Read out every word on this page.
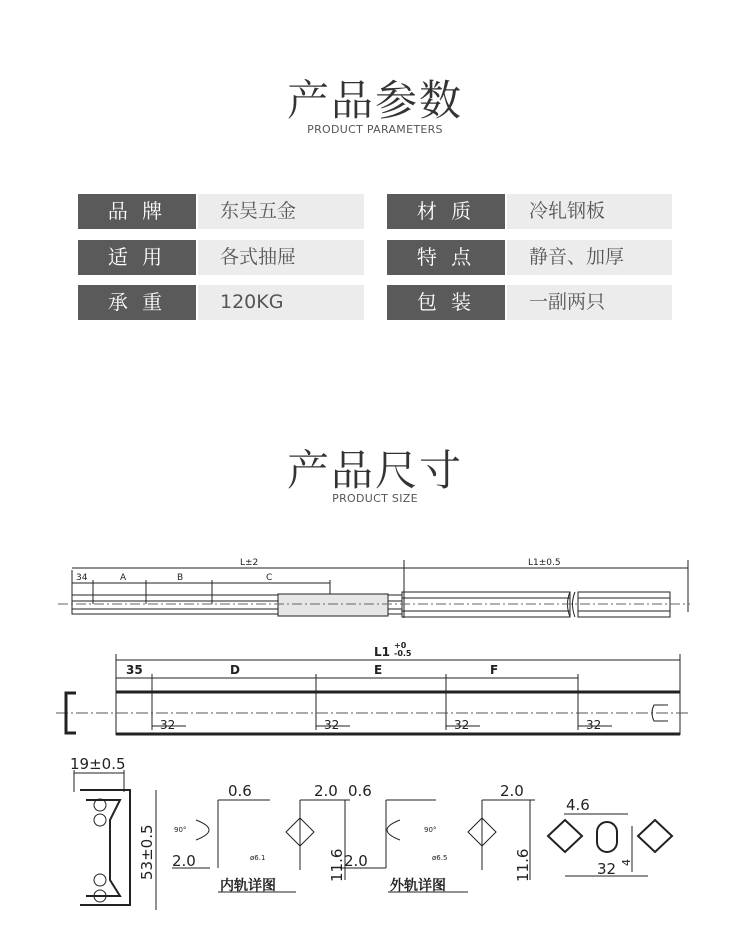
产品参数
PRODUCT PARAMETERS
品 牌	东吴五金	材 质	冷轧钢板
适 用	各式抽屉	特 点	静音、加厚
承 重	120KG	包 装	一副两只
产品尺寸
PRODUCT SIZE
L±2	L1±0.5
34	A	B	C
L1 +0
-0.5
35	D	E	F
32	32	32	32
19±0.5
53±0.5
0.6
2.0
2.0
11.6
0.6
2.0
2.0
11.6
4.6
32 4
90°	90°
ø6.1	ø6.5
内轨详图	外轨详图
